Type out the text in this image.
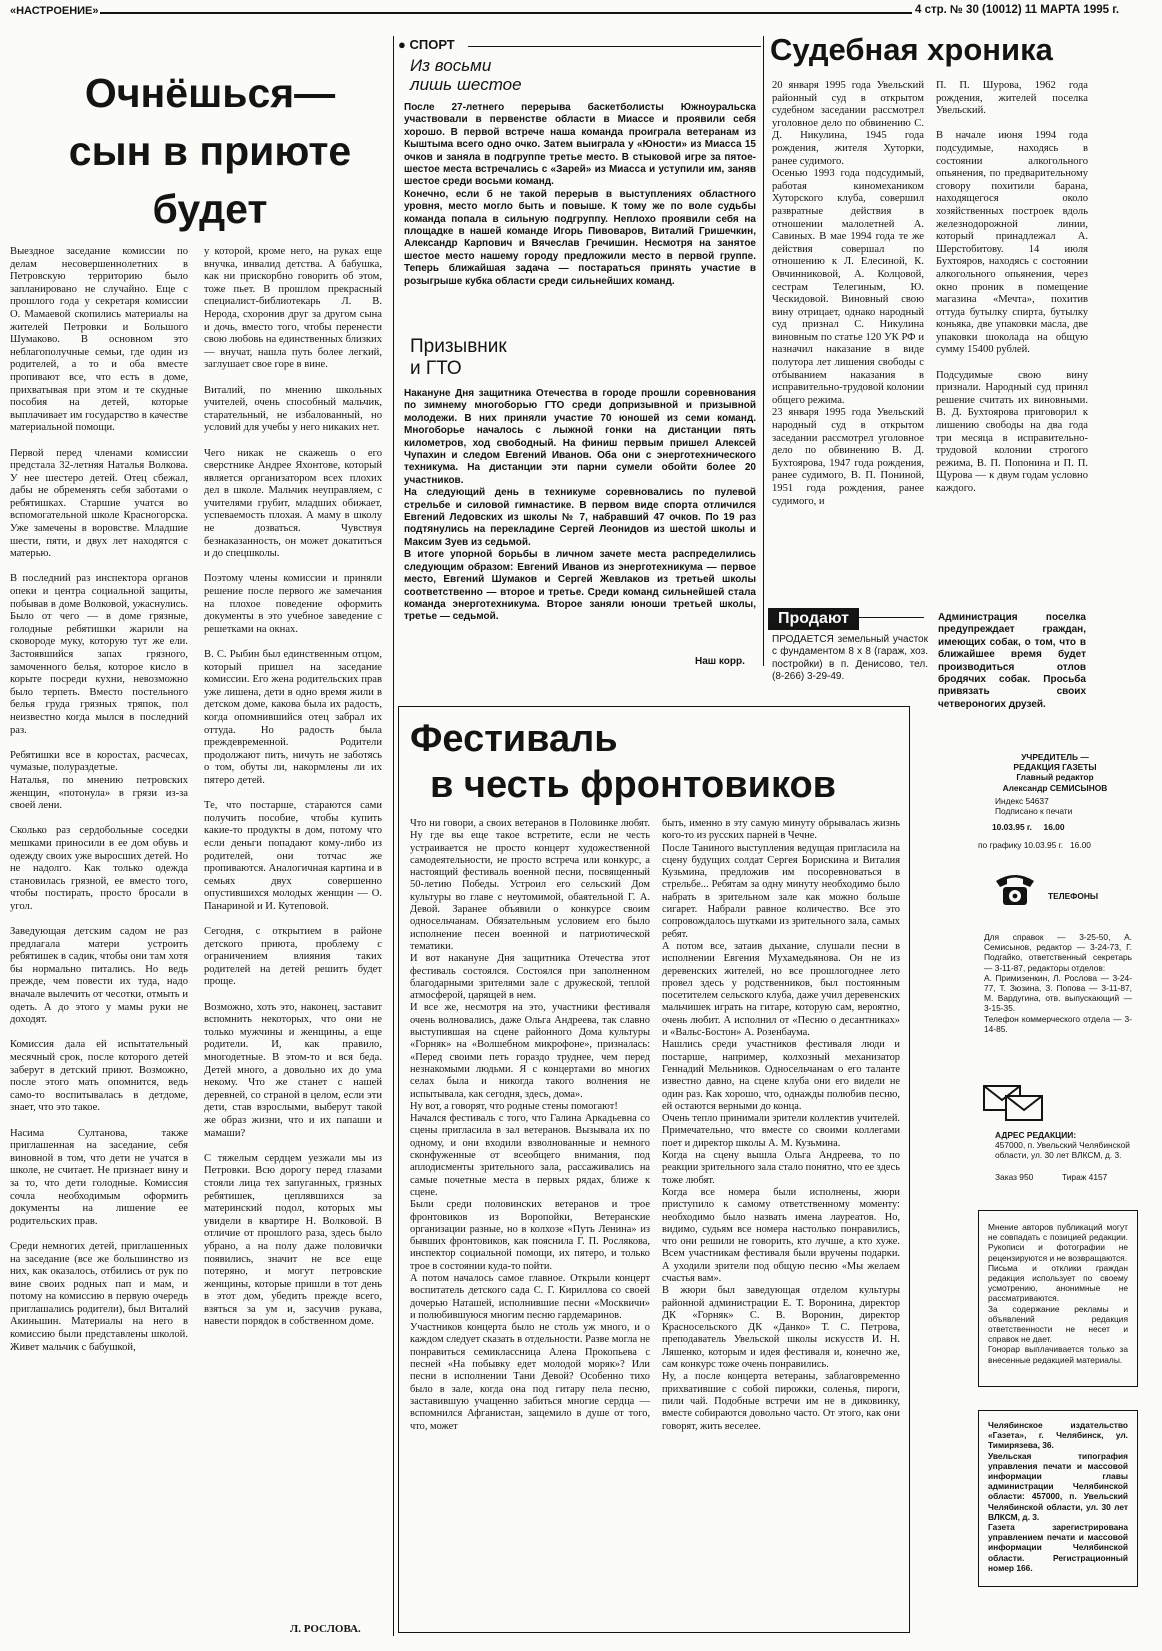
«НАСТРОЕНИЕ»	4 стр. № 30 (10012) 11 МАРТА 1995 г.
Очнёшься—
сын в приюте
будет
Выездное заседание комиссии по делам несовершеннолетних в Петровскую территорию было запланировано не случайно. Еще с прошлого года у секретаря комиссии О. Мамаевой скопились материалы на жителей Петровки и Большого Шумаково. В основном это неблагополучные семьи, где один из родителей, а то и оба вместе пропивают все, что есть в доме, прихватывая при этом и те скудные пособия на детей, которые выплачивает им государство в качестве материальной помощи.

Первой перед членами комиссии предстала 32-летняя Наталья Волкова. У нее шестеро детей. Отец сбежал, дабы не обременять себя заботами о ребятишках. Старшие учатся во вспомогательной школе Красногорска. Уже замечены в воровстве. Младшие шести, пяти, и двух лет находятся с матерью.

В последний раз инспектора органов опеки и центра социальной защиты, побывав в доме Волковой, ужаснулись. Было от чего — в доме грязные, голодные ребятишки жарили на сковороде муку, которую тут же ели. Застоявшийся запах грязного, замоченного белья, которое кисло в корыте посреди кухни, невозможно было терпеть. Вместо постельного белья груда грязных тряпок, пол неизвестно когда мылся в последний раз.

Ребятишки все в коростах, расчесах, чумазые, полураздетые.
Наталья, по мнению петровских женщин, «потонула» в грязи из-за своей лени.

Сколько раз сердобольные соседки мешками приносили в ее дом обувь и одежду своих уже выросших детей. Но не надолго. Как только одежда становилась грязной, ее вместо того, чтобы постирать, просто бросали в угол.

Заведующая детским садом не раз предлагала матери устроить ребятишек в садик, чтобы они там хотя бы нормально питались. Но ведь прежде, чем повести их туда, надо вначале вылечить от чесотки, отмыть и одеть. А до этого у мамы руки не доходят.

Комиссия дала ей испытательный месячный срок, после которого детей заберут в детский приют. Возможно, после этого мать опомнится, ведь само-то воспитывалась в детдоме, знает, что это такое.

Насима Султанова, также приглашенная на заседание, себя виновной в том, что дети не учатся в школе, не считает. Не признает вину и за то, что дети голодные. Комиссия сочла необходимым оформить документы на лишение ее родительских прав.

Среди немногих детей, приглашенных на заседание (все же большинство из них, как оказалось, отбились от рук по вине своих родных пап и мам, и потому на комиссию в первую очередь приглашались родители), был Виталий Акиньшин. Материалы на него в комиссию были представлены школой. Живет мальчик с бабушкой,
у которой, кроме него, на руках еще внучка, инвалид детства. А бабушка, как ни прискорбно говорить об этом, тоже пьет. В прошлом прекрасный специалист-библиотекарь Л. В. Нерода, схоронив друг за другом сына и дочь, вместо того, чтобы перенести свою любовь на единственных близких — внучат, нашла путь более легкий, заглушает свое горе в вине.

Виталий, по мнению школьных учителей, очень способный мальчик, старательный, не избалованный, но условий для учебы у него никаких нет.

Чего никак не скажешь о его сверстнике Андрее Яхонтове, который является организатором всех плохих дел в школе. Мальчик неуправляем, с учителями грубит, младших обижает, успеваемость плохая. А маму в школу не дозваться. Чувствуя безнаказанность, он может докатиться и до спецшколы.

Поэтому члены комиссии и приняли решение после первого же замечания на плохое поведение оформить документы в это учебное заведение с решетками на окнах.

В. С. Рыбин был единственным отцом, который пришел на заседание комиссии. Его жена родительских прав уже лишена, дети в одно время жили в детском доме, какова была их радость, когда опомнившийся отец забрал их оттуда. Но радость была преждевременной. Родители продолжают пить, ничуть не заботясь о том, обуты ли, накормлены ли их пятеро детей.

Те, что постарше, стараются сами получить пособие, чтобы купить какие-то продукты в дом, потому что если деньги попадают кому-либо из родителей, они тотчас же пропиваются. Аналогичная картина и в семьях двух совершенно опустившихся молодых женщин — О. Панариной и И. Кутеповой.

Сегодня, с открытием в районе детского приюта, проблему с ограничением влияния таких родителей на детей решить будет проще.

Возможно, хоть это, наконец, заставит вспомнить некоторых, что они не только мужчины и женщины, а еще родители. И, как правило, многодетные. В этом-то и вся беда. Детей много, а довольно их до ума некому. Что же станет с нашей деревней, со страной в целом, если эти дети, став взрослыми, выберут такой же образ жизни, что и их папаши и мамаши?

С тяжелым сердцем уезжали мы из Петровки. Всю дорогу перед глазами стояли лица тех запуганных, грязных ребятишек, цеплявшихся за материнский подол, которых мы увидели в квартире Н. Волковой. В отличие от прошлого раза, здесь было убрано, а на полу даже половички появились, значит не все еще потеряно, и могут петровские женщины, которые пришли в тот день в этот дом, убедить прежде всего, взяться за ум и, засучив рукава, навести порядок в собственном доме.
Л. РОСЛОВА.
● СПОРТ
Из восьми
лишь шестое
После 27-летнего перерыва баскетболисты Южноуральска участвовали в первенстве области в Миассе и проявили себя хорошо. В первой встрече наша команда проиграла ветеранам из Кыштыма всего одно очко. Затем выиграла у «Юности» из Миасса 15 очков и заняла в подгруппе третье место. В стыковой игре за пятое-шестое места встречались с «Зарей» из Миасса и уступили им, заняв шестое среди восьми команд.
Конечно, если б не такой перерыв в выступлениях областного уровня, место могло быть и повыше. К тому же по воле судьбы команда попала в сильную подгруппу. Неплохо проявили себя на площадке в нашей команде Игорь Пивоваров, Виталий Гришечкин, Александр Карпович и Вячеслав Гречишин. Несмотря на занятое шестое место нашему городу предложили место в первой группе. Теперь ближайшая задача — постараться принять участие в розыгрыше кубка области среди сильнейших команд.
Призывник
и ГТО
Накануне Дня защитника Отечества в городе прошли соревнования по зимнему многоборью ГТО среди допризывной и призывной молодежи. В них приняли участие 70 юношей из семи команд. Многоборье началось с лыжной гонки на дистанции пять километров, ход свободный. На финиш первым пришел Алексей Чупахин и следом Евгений Иванов. Оба они с энерготехнического техникума. На дистанции эти парни сумели обойти более 20 участников.
На следующий день в техникуме соревновались по пулевой стрельбе и силовой гимнастике. В первом виде спорта отличился Евгений Ледовских из школы № 7, набравший 47 очков. По 19 раз подтянулись на перекладине Сергей Леонидов из шестой школы и Максим Зуев из седьмой.
В итоге упорной борьбы в личном зачете места распределились следующим образом: Евгений Иванов из энерготехникума — первое место, Евгений Шумаков и Сергей Жевлаков из третьей школы соответственно — второе и третье. Среди команд сильнейшей стала команда энерготехникума. Второе заняли юноши третьей школы, третье — седьмой.
Наш корр.
Судебная хроника
20 января 1995 года Увельский районный суд в открытом судебном заседании рассмотрел уголовное дело по обвинению С. Д. Никулина, 1945 года рождения, жителя Хуторки, ранее судимого.
Осенью 1993 года подсудимый, работая киномехаником Хуторского клуба, совершил развратные действия в отношении малолетней А. Савиных. В мае 1994 года те же действия совершал по отношению к Л. Елесиной, К. Овчинниковой, А. Колцовой, сестрам Телегиным, Ю. Ческидовой. Виновный свою вину отрицает, однако народный суд признал С. Никулина виновным по статье 120 УК РФ и назначил наказание в виде полутора лет лишения свободы с отбыванием наказания в исправительно-трудовой колонии общего режима.
23 января 1995 года Увельский народный суд в открытом заседании рассмотрел уголовное дело по обвинению В. Д. Бухтоярова, 1947 года рождения, ранее судимого, В. П. Пониной, 1951 года рождения, ранее судимого, и
П. П. Шурова, 1962 года рождения, жителей поселка Увельский.

В начале июня 1994 года подсудимые, находясь в состоянии алкогольного опьянения, по предварительному сговору похитили барана, находящегося около хозяйственных построек вдоль железнодорожной линии, который принадлежал А. Шерстобитову. 14 июля Бухтояров, находясь с состоянии алкогольного опьянения, через окно проник в помещение магазина «Мечта», похитив оттуда бутылку спирта, бутылку коньяка, две упаковки масла, две упаковки шоколада на общую сумму 15400 рублей.

Подсудимые свою вину признали. Народный суд принял решение считать их виновными. В. Д. Бухтоярова приговорил к лишению свободы на два года три месяца в исправительно-трудовой колонии строгого режима, В. П. Попонина и П. П. Щурова — к двум годам условно каждого.
Продают
ПРОДАЕТСЯ земельный участок с фундаментом 8 х 8 (гараж, хоз. постройки) в п. Денисово, тел. (8-266) 3-29-49.
Администрация поселка предупреждает граждан, имеющих собак, о том, что в ближайшее время будет производиться отлов бродячих собак. Просьба привязать своих четвероногих друзей.
Фестиваль
в честь фронтовиков
Что ни говори, а своих ветеранов в Половинке любят. Ну где вы еще такое встретите, если не честь устраивается не просто концерт художественной самодеятельности, не просто встреча или конкурс, а настоящий фестиваль военной песни, посвященный 50-летию Победы. Устроил его сельский Дом культуры во главе с неутомимой, обаятельной Г. А. Девой. Заранее объявили о конкурсе своим односельчанам. Обязательным условием его было исполнение песен военной и патриотической тематики.
И вот накануне Дня защитника Отечества этот фестиваль состоялся. Состоялся при заполненном благодарными зрителями зале с дружеской, теплой атмосферой, царящей в нем.
И все же, несмотря на это, участники фестиваля очень волновались, даже Ольга Андреева, так славно выступившая на сцене районного Дома культуры «Горняк» на «Волшебном микрофоне», призналась: «Перед своими петь гораздо труднее, чем перед незнакомыми людьми. Я с концертами во многих селах была и никогда такого волнения не испытывала, как сегодня, здесь, дома».
Ну вот, а говорят, что родные стены помогают!
Начался фестиваль с того, что Галина Аркадьевна со сцены пригласила в зал ветеранов. Вызывала их по одному, и они входили взволнованные и немного сконфуженные от всеобщего внимания, под аплодисменты зрительного зала, рассаживались на самые почетные места в первых рядах, ближе к сцене.
Были среди половинских ветеранов и трое фронтовиков из Воропойки, Ветеранские организации разные, но в колхозе «Путь Ленина» из бывших фронтовиков, как пояснила Г. П. Рослякова, инспектор социальной помощи, их пятеро, и только трое в состоянии куда-то пойти.
А потом началось самое главное. Открыли концерт воспитатель детского сада С. Г. Кириллова со своей дочерью Наташей, исполнившие песни «Москвичи» и полюбившуюся многим песню гардемаринов.
Участников концерта было не столь уж много, и о каждом следует сказать в отдельности. Разве могла не понравиться семиклассница Алена Прокопьева с песней «На побывку едет молодой моряк»? Или песни в исполнении Тани Девой? Особенно тихо было в зале, когда она под гитару пела песню, заставившую учащенно забиться многие сердца — вспомнился Афганистан, защемило в душе от того, что, может
быть, именно в эту самую минуту обрывалась жизнь кого-то из русских парней в Чечне.
После Таниного выступления ведущая пригласила на сцену будущих солдат Сергея Борискина и Виталия Кузьмина, предложив им посоревноваться в стрельбе... Ребятам за одну минуту необходимо было набрать в зрительном зале как можно больше сигарет. Набрали равное количество. Все это сопровождалось шутками из зрительного зала, самых ребят.
А потом все, затаив дыхание, слушали песни в исполнении Евгения Мухамедьянова. Он не из деревенских жителей, но все прошлогоднее лето провел здесь у родственников, был постоянным посетителем сельского клуба, даже учил деревенских мальчишек играть на гитаре, которую сам, вероятно, очень любит. А исполнил от «Песню о десантниках» и «Вальс-Бостон» А. Розенбаума.
Нашлись среди участников фестиваля люди и постарше, например, колхозный механизатор Геннадий Мельников. Односельчанам о его таланте известно давно, на сцене клуба они его видели не один раз. Как хорошо, что, однажды полюбив песню, ей остаются верными до конца.
Очень тепло принимали зрители коллектив учителей. Примечательно, что вместе со своими коллегами поет и директор школы А. М. Кузьмина.
Когда на сцену вышла Ольга Андреева, то по реакции зрительного зала стало понятно, что ее здесь тоже любят.
Когда все номера были исполнены, жюри приступило к самому ответственному моменту: необходимо было назвать имена лауреатов. Но, видимо, судьям все номера настолько понравились, что они решили не говорить, кто лучше, а кто хуже. Всем участникам фестиваля были вручены подарки. А уходили зрители под общую песню «Мы желаем счастья вам».
В жюри был заведующая отделом культуры районной администрации Е. Т. Воронина, директор ДК «Горняк» С. В. Воронин, директор Красносельского ДК «Данко» Т. С. Петрова, преподаватель Увельской школы искусств И. Н. Ляшенко, которым и идея фестиваля и, конечно же, сам конкурс тоже очень понравились.
Ну, а после концерта ветераны, заблаговременно прихватившие с собой пирожки, соленья, пироги, пили чай. Подобные встречи им не в диковинку, вместе собираются довольно часто. От этого, как они говорят, жить веселее.
УЧРЕДИТЕЛЬ —
РЕДАКЦИЯ ГАЗЕТЫ
Главный редактор
Александр СЕМИСЫНОВ
Индекс 54637
Подписано к печати
10.03.95 г.     16.00
по графику 10.03.95 г.   16.00
ТЕЛЕФОНЫ
Для справок — 3-25-50, А. Семисынов, редактор — 3-24-73, Г. Подгайко, ответственный секретарь — 3-11-87, редакторы отделов:
А. Примизенкин, Л. Рослова — 3-24-77, Т. Зюзина, З. Попова — 3-11-87, М. Вардугина, отв. выпускающий — 3-15-35.
Телефон коммерческого отдела — 3-14-85.
АДРЕС РЕДАКЦИИ:
457000, п. Увельский Челябинской области, ул. 30 лет ВЛКСМ, д. 3.
Заказ 950	Тираж 4157
Мнение авторов публикаций могут не совпадать с позицией редакции. Рукописи и фотографии не рецензируются и не возвращаются.
Письма и отклики граждан редакция использует по своему усмотрению, анонимные не рассматриваются.
За содержание рекламы и объявлений редакция ответственности не несет и справок не дает.
Гонорар выплачивается только за внесенные редакцией материалы.
Челябинское издательство «Газета», г. Челябинск, ул. Тимирязева, 36.
Увельская типография управления печати и массовой информации главы администрации Челябинской области: 457000, п. Увельский Челябинской области, ул. 30 лет ВЛКСМ, д. 3.
Газета зарегистрирована управлением печати и массовой информации Челябинской области. Регистрационный номер 166.
